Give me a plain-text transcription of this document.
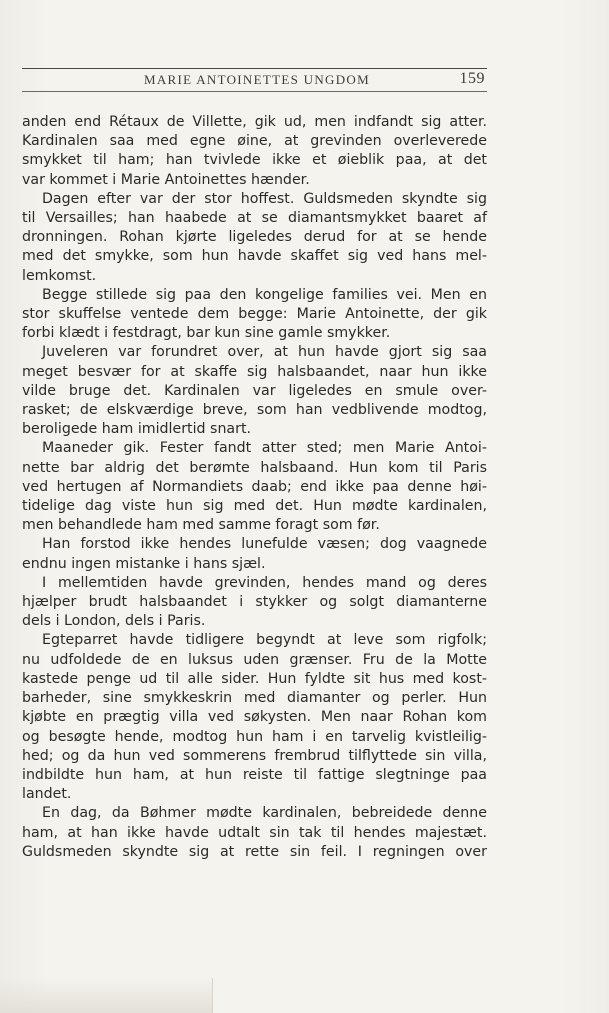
MARIE ANTOINETTES UNGDOM	159
anden end Rétaux de Villette, gik ud, men indfandt sig atter.
Kardinalen saa med egne øine, at grevinden overleverede
smykket til ham; han tvivlede ikke et øieblik paa, at det
var kommet i Marie Antoinettes hænder.
Dagen efter var der stor hoffest. Guldsmeden skyndte sig
til Versailles; han haabede at se diamantsmykket baaret af
dronningen. Rohan kjørte ligeledes derud for at se hende
med det smykke, som hun havde skaffet sig ved hans mel-
lemkomst.
Begge stillede sig paa den kongelige families vei. Men en
stor skuffelse ventede dem begge: Marie Antoinette, der gik
forbi klædt i festdragt, bar kun sine gamle smykker.
Juveleren var forundret over, at hun havde gjort sig saa
meget besvær for at skaffe sig halsbaandet, naar hun ikke
vilde bruge det. Kardinalen var ligeledes en smule over-
rasket; de elskværdige breve, som han vedblivende modtog,
beroligede ham imidlertid snart.
Maaneder gik. Fester fandt atter sted; men Marie Antoi-
nette bar aldrig det berømte halsbaand. Hun kom til Paris
ved hertugen af Normandiets daab; end ikke paa denne høi-
tidelige dag viste hun sig med det. Hun mødte kardinalen,
men behandlede ham med samme foragt som før.
Han forstod ikke hendes lunefulde væsen; dog vaagnede
endnu ingen mistanke i hans sjæl.
I mellemtiden havde grevinden, hendes mand og deres
hjælper brudt halsbaandet i stykker og solgt diamanterne
dels i London, dels i Paris.
Egteparret havde tidligere begyndt at leve som rigfolk;
nu udfoldede de en luksus uden grænser. Fru de la Motte
kastede penge ud til alle sider. Hun fyldte sit hus med kost-
barheder, sine smykkeskrin med diamanter og perler. Hun
kjøbte en prægtig villa ved søkysten. Men naar Rohan kom
og besøgte hende, modtog hun ham i en tarvelig kvistleilig-
hed; og da hun ved sommerens frembrud tilflyttede sin villa,
indbildte hun ham, at hun reiste til fattige slegtninge paa
landet.
En dag, da Bøhmer mødte kardinalen, bebreidede denne
ham, at han ikke havde udtalt sin tak til hendes majestæt.
Guldsmeden skyndte sig at rette sin feil. I regningen over
